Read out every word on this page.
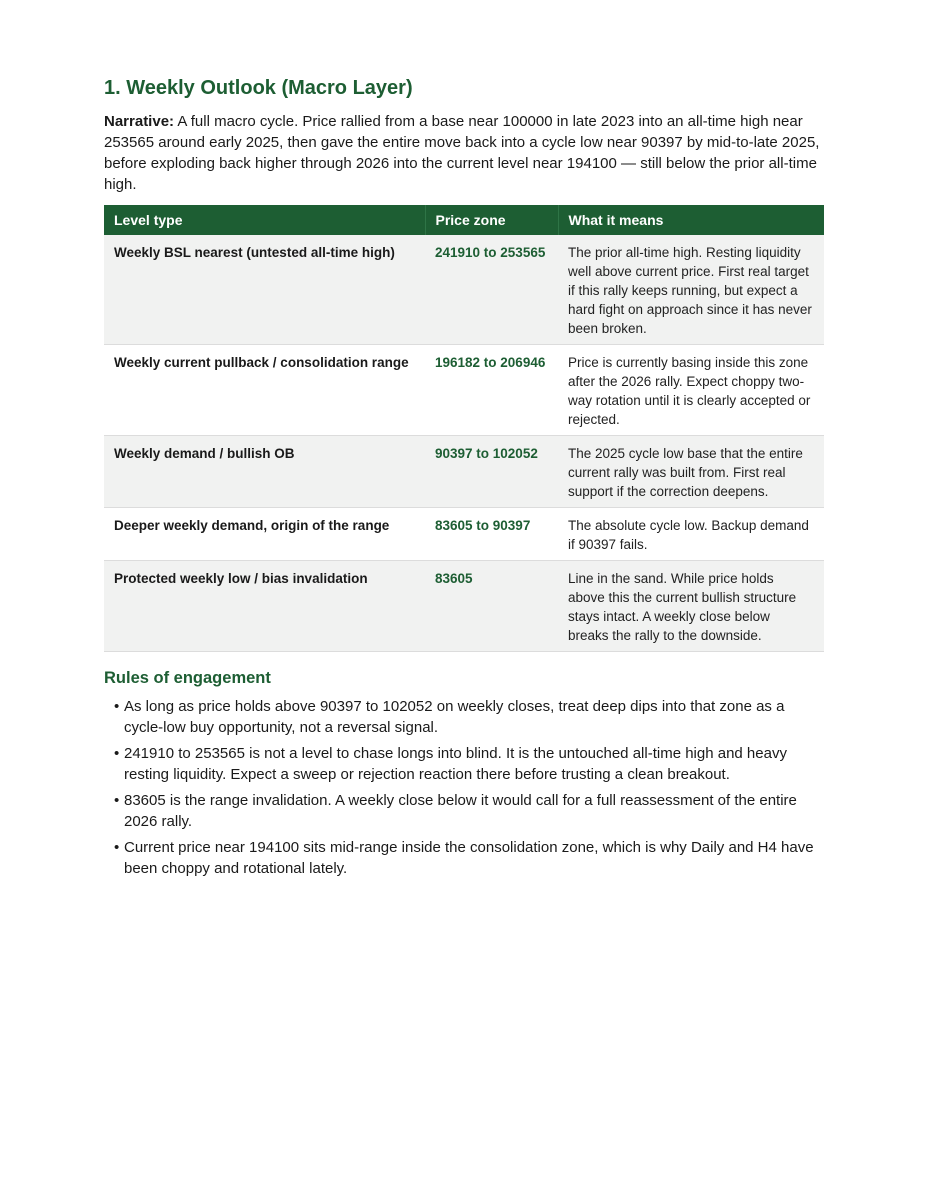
1. Weekly Outlook (Macro Layer)

Narrative: A full macro cycle. Price rallied from a base near 100000 in late 2023 into an all-time high near 253565 around early 2025, then gave the entire move back into a cycle low near 90397 by mid-to-late 2025, before exploding back higher through 2026 into the current level near 194100 — still below the prior all-time high.

Level type	Price zone	What it means
Weekly BSL nearest (untested all-time high)	241910 to 253565	The prior all-time high. Resting liquidity well above current price. First real target if this rally keeps running, but expect a hard fight on approach since it has never been broken.
Weekly current pullback / consolidation range	196182 to 206946	Price is currently basing inside this zone after the 2026 rally. Expect choppy two-way rotation until it is clearly accepted or rejected.
Weekly demand / bullish OB	90397 to 102052	The 2025 cycle low base that the entire current rally was built from. First real support if the correction deepens.
Deeper weekly demand, origin of the range	83605 to 90397	The absolute cycle low. Backup demand if 90397 fails.
Protected weekly low / bias invalidation	83605	Line in the sand. While price holds above this the current bullish structure stays intact. A weekly close below breaks the rally to the downside.
Rules of engagement
• As long as price holds above 90397 to 102052 on weekly closes, treat deep dips into that zone as a cycle-low buy opportunity, not a reversal signal.
• 241910 to 253565 is not a level to chase longs into blind. It is the untouched all-time high and heavy resting liquidity. Expect a sweep or rejection reaction there before trusting a clean breakout.
• 83605 is the range invalidation. A weekly close below it would call for a full reassessment of the entire 2026 rally.
• Current price near 194100 sits mid-range inside the consolidation zone, which is why Daily and H4 have been choppy and rotational lately.
